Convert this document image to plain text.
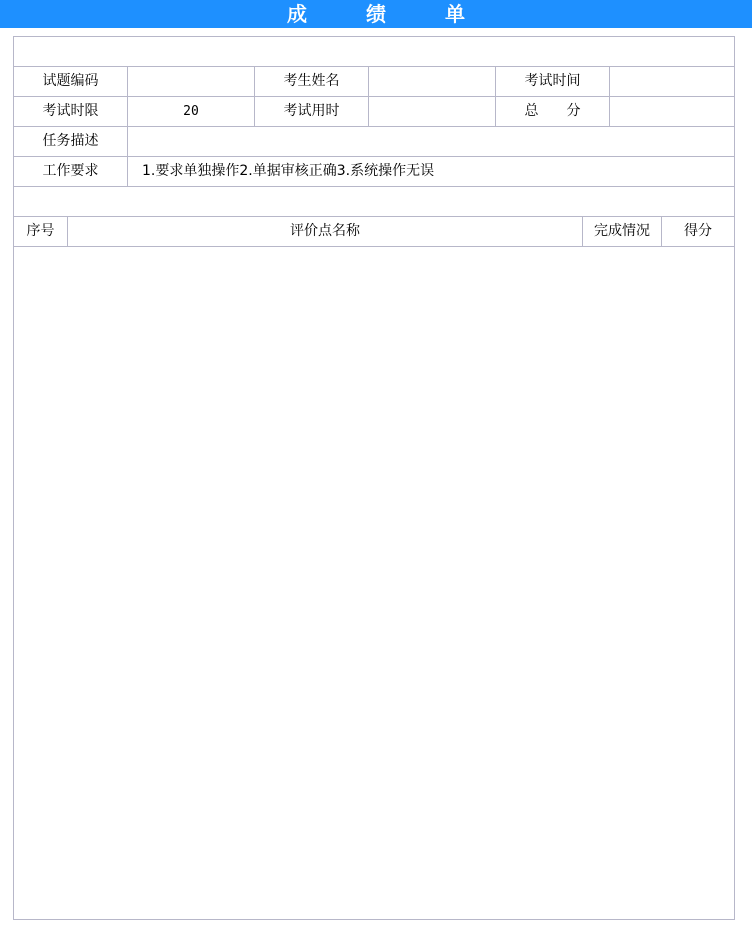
成 绩 单
试题编码	考生姓名	考试时间
考试时限	20	考试用时	总　　分
任务描述
工作要求	1.要求单独操作2.单据审核正确3.系统操作无误
序号	评价点名称	完成情况	得分
